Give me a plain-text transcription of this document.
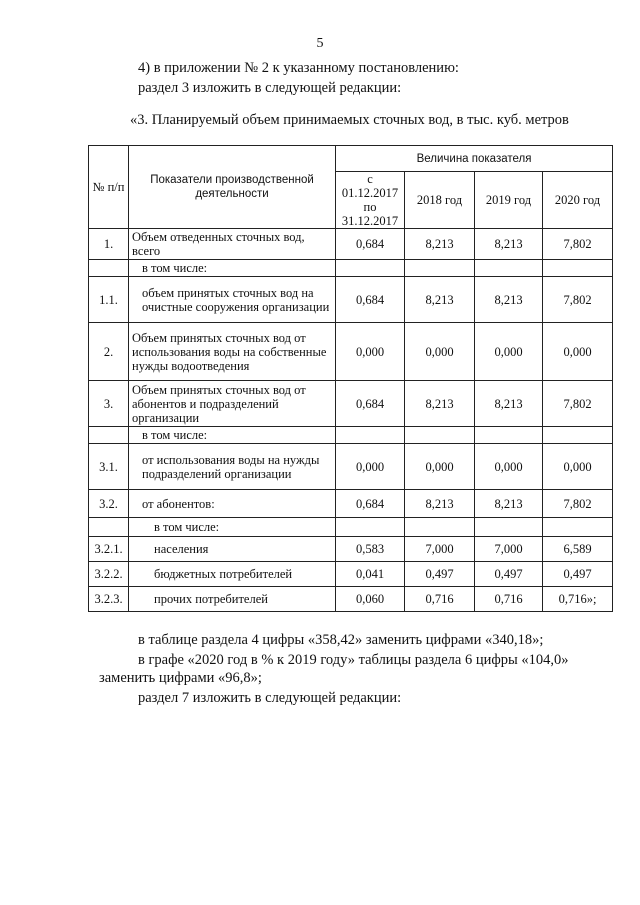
5
4) в приложении № 2 к указанному постановлению:
раздел 3 изложить в следующей редакции:
«3. Планируемый объем принимаемых сточных вод, в тыс. куб. метров
№ п/п	Показатели производственной деятельности	Величина показателя			
		с 01.12.2017 по 31.12.2017	2018 год	2019 год	2020 год
1.	Объем отведенных сточных вод, всего	0,684	8,213	8,213	7,802

	в том числе:				

1.1.	объем принятых сточных вод на очистные сооружения организации	0,684	8,213	8,213	7,802
2.	Объем принятых сточных вод от использования воды на собственные нужды водоотведения	0,000	0,000	0,000	0,000
3.	Объем принятых сточных вод от абонентов и подразделений организации	0,684	8,213	8,213	7,802

	в том числе:				

3.1.	от использования воды на нужды подразделений организации	0,000	0,000	0,000	0,000
3.2.	от абонентов:	0,684	8,213	8,213	7,802

	в том числе:				

3.2.1.	населения	0,583	7,000	7,000	6,589
3.2.2.	бюджетных потребителей	0,041	0,497	0,497	0,497
3.2.3.	прочих потребителей	0,060	0,716	0,716	0,716»;
в таблице раздела 4 цифры «358,42» заменить цифрами «340,18»;
в графе «2020 год в % к 2019 году» таблицы раздела 6 цифры «104,0»
заменить цифрами «96,8»;
раздел 7 изложить в следующей редакции:
